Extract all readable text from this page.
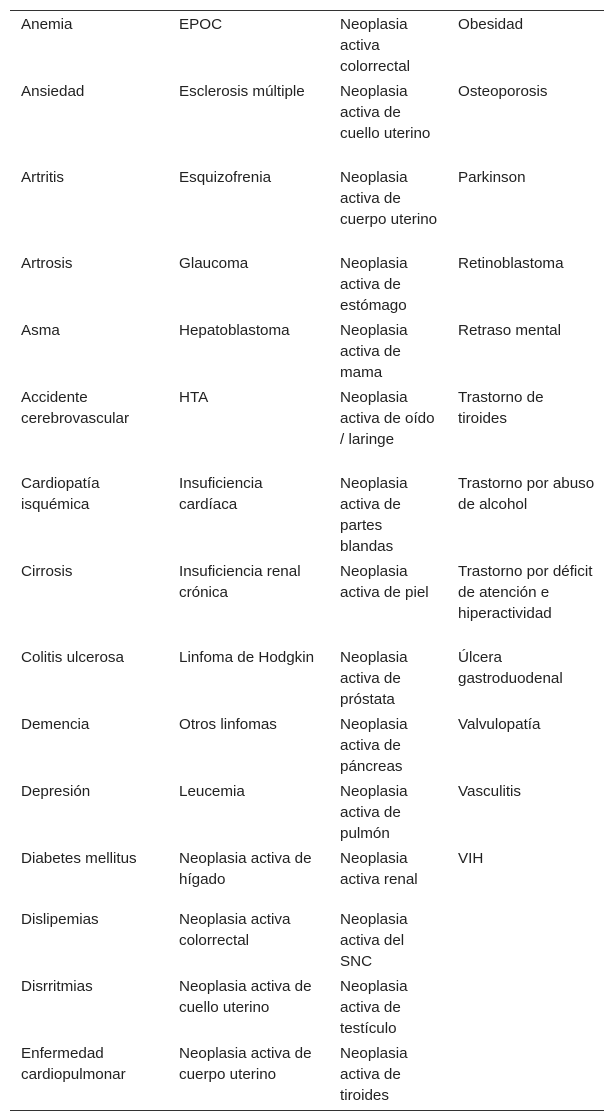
Anemia	EPOC	Neoplasia activa colorrectal	Obesidad
Ansiedad	Esclerosis múltiple	Neoplasia activa de cuello uterino	Osteoporosis
Artritis	Esquizofrenia	Neoplasia activa de cuerpo uterino	Parkinson
Artrosis	Glaucoma	Neoplasia activa de estómago	Retinoblastoma
Asma	Hepatoblastoma	Neoplasia activa de mama	Retraso mental
Accidente cerebrovascular	HTA	Neoplasia activa de oído / laringe	Trastorno de tiroides
Cardiopatía isquémica	Insuficiencia cardíaca	Neoplasia activa de partes blandas	Trastorno por abuso de alcohol
Cirrosis	Insuficiencia renal crónica	Neoplasia activa de piel	Trastorno por déficit de atención e hiperactividad
Colitis ulcerosa	Linfoma de Hodgkin	Neoplasia activa de próstata	Úlcera gastroduodenal
Demencia	Otros linfomas	Neoplasia activa de páncreas	Valvulopatía
Depresión	Leucemia	Neoplasia activa de pulmón	Vasculitis
Diabetes mellitus	Neoplasia activa de hígado	Neoplasia activa renal	VIH
Dislipemias	Neoplasia activa colorrectal	Neoplasia activa del SNC	
Disrritmias	Neoplasia activa de cuello uterino	Neoplasia activa de testículo	
Enfermedad cardiopulmonar	Neoplasia activa de cuerpo uterino	Neoplasia activa de tiroides	
